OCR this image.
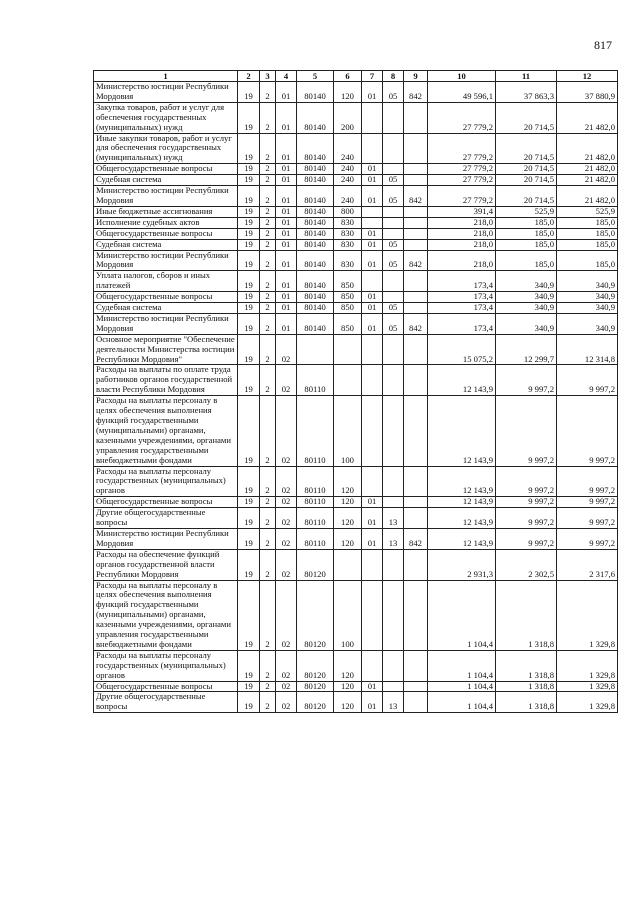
817
1	2	3	4	5	6	7	8	9	10	11	12
Министерство юстиции Республики Мордовия	19	2	01	80140	120	01	05	842	49 596,1	37 863,3	37 880,9
Закупка товаров, работ и услуг для обеспечения государственных (муниципальных) нужд	19	2	01	80140	200				27 779,2	20 714,5	21 482,0
Иные закупки товаров, работ и услуг для обеспечения государственных (муниципальных) нужд	19	2	01	80140	240				27 779,2	20 714,5	21 482,0
Общегосударственные вопросы	19	2	01	80140	240	01			27 779,2	20 714,5	21 482,0
Судебная система	19	2	01	80140	240	01	05		27 779,2	20 714,5	21 482,0
Министерство юстиции Республики Мордовия	19	2	01	80140	240	01	05	842	27 779,2	20 714,5	21 482,0
Иные бюджетные ассигнования	19	2	01	80140	800				391,4	525,9	525,9
Исполнение судебных актов	19	2	01	80140	830				218,0	185,0	185,0
Общегосударственные вопросы	19	2	01	80140	830	01			218,0	185,0	185,0
Судебная система	19	2	01	80140	830	01	05		218,0	185,0	185,0
Министерство юстиции Республики Мордовия	19	2	01	80140	830	01	05	842	218,0	185,0	185,0
Уплата налогов, сборов и иных платежей	19	2	01	80140	850				173,4	340,9	340,9
Общегосударственные вопросы	19	2	01	80140	850	01			173,4	340,9	340,9
Судебная система	19	2	01	80140	850	01	05		173,4	340,9	340,9
Министерство юстиции Республики Мордовия	19	2	01	80140	850	01	05	842	173,4	340,9	340,9
Основное мероприятие "Обеспечение деятельности Министерства юстиции Республики Мордовия"	19	2	02						15 075,2	12 299,7	12 314,8
Расходы на выплаты по оплате труда работников органов государственной власти Республики Мордовия	19	2	02	80110					12 143,9	9 997,2	9 997,2
Расходы на выплаты персоналу в целях обеспечения выполнения функций государственными (муниципальными) органами, казенными учреждениями, органами управления государственными внебюджетными фондами	19	2	02	80110	100				12 143,9	9 997,2	9 997,2
Расходы на выплаты персоналу государственных (муниципальных) органов	19	2	02	80110	120				12 143,9	9 997,2	9 997,2
Общегосударственные вопросы	19	2	02	80110	120	01			12 143,9	9 997,2	9 997,2
Другие общегосударственные вопросы	19	2	02	80110	120	01	13		12 143,9	9 997,2	9 997,2
Министерство юстиции Республики Мордовия	19	2	02	80110	120	01	13	842	12 143,9	9 997,2	9 997,2
Расходы на обеспечение функций органов государственной власти Республики Мордовия	19	2	02	80120					2 931,3	2 302,5	2 317,6
Расходы на выплаты персоналу в целях обеспечения выполнения функций государственными (муниципальными) органами, казенными учреждениями, органами управления государственными внебюджетными фондами	19	2	02	80120	100				1 104,4	1 318,8	1 329,8
Расходы на выплаты персоналу государственных (муниципальных) органов	19	2	02	80120	120				1 104,4	1 318,8	1 329,8
Общегосударственные вопросы	19	2	02	80120	120	01			1 104,4	1 318,8	1 329,8
Другие общегосударственные вопросы	19	2	02	80120	120	01	13		1 104,4	1 318,8	1 329,8
